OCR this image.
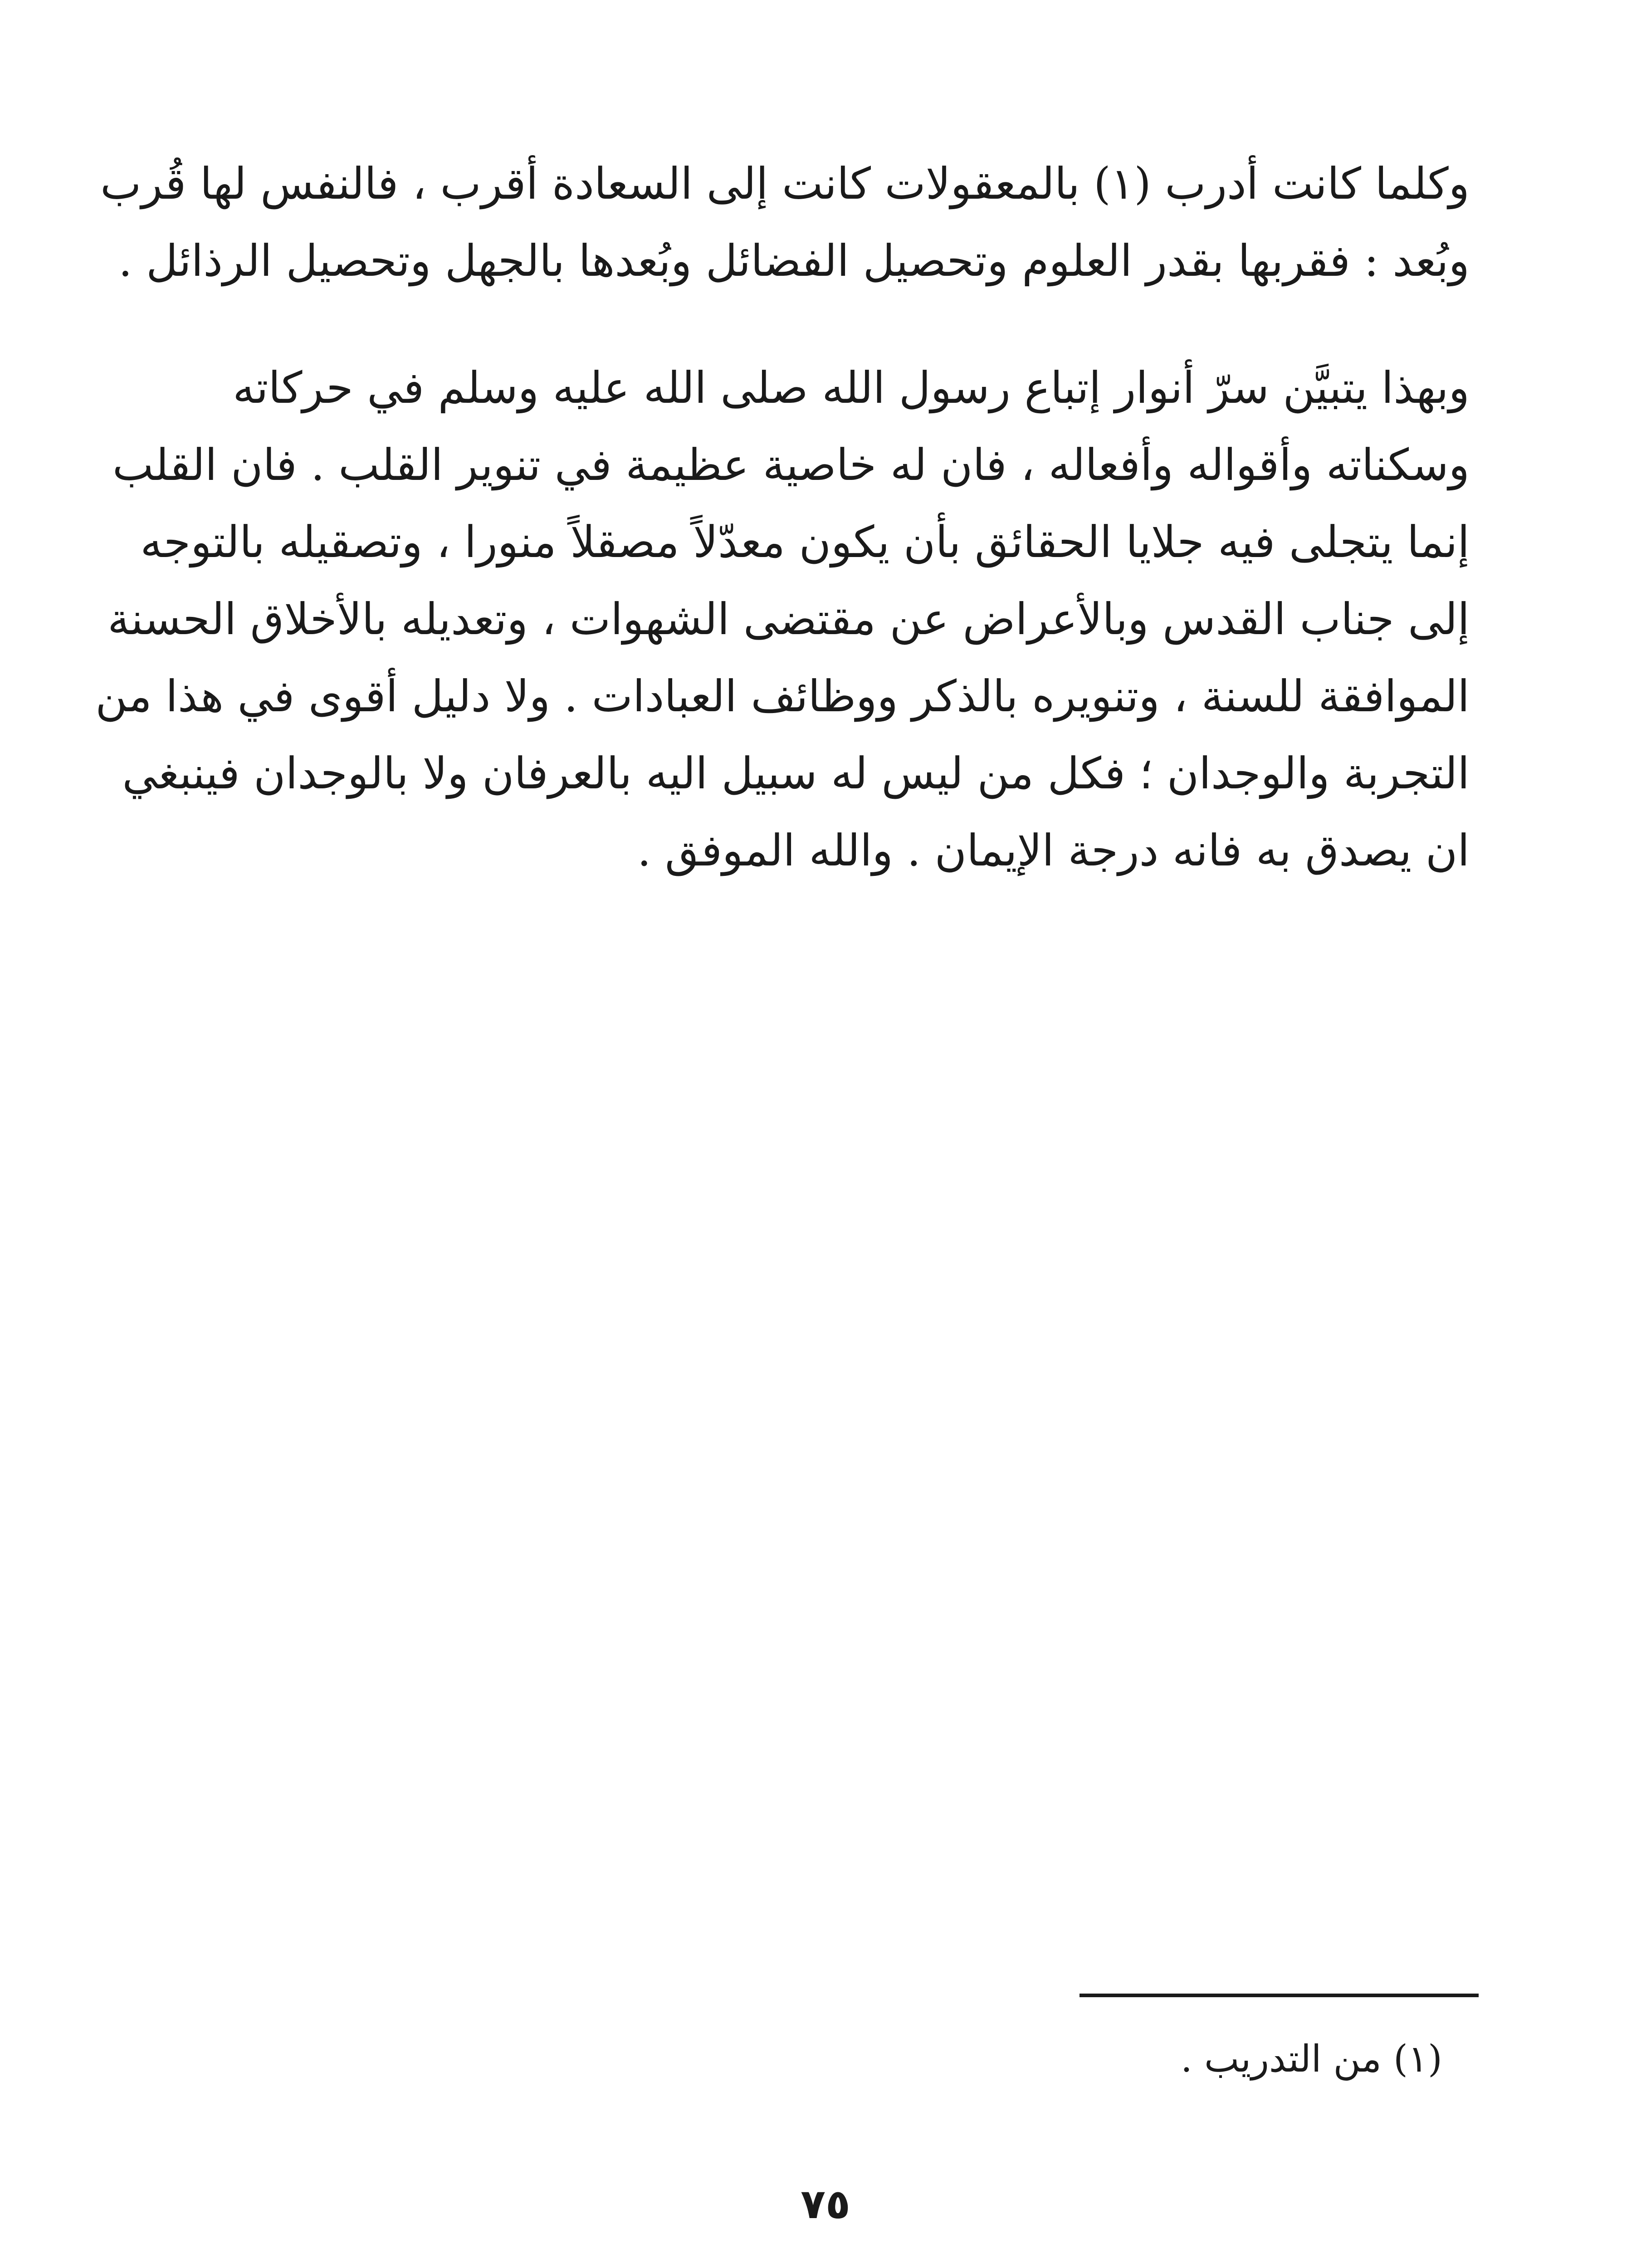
وكلما كانت أدرب (١) بالمعقولات كانت إلى السعادة أقرب ، فالنفس لها قُرب
وبُعد : فقربها بقدر العلوم وتحصيل الفضائل وبُعدها بالجهل وتحصيل الرذائل .
وبهذا يتبيَّن سرّ أنوار إتباع رسول الله صلى الله عليه وسلم في حركاته
وسكناته وأقواله وأفعاله ، فان له خاصية عظيمة في تنوير القلب . فان القلب
إنما يتجلى فيه جلايا الحقائق بأن يكون معدّلاً مصقلاً منورا ، وتصقيله بالتوجه
إلى جناب القدس وبالأعراض عن مقتضى الشهوات ، وتعديله بالأخلاق الحسنة
الموافقة للسنة ، وتنويره بالذكر ووظائف العبادات . ولا دليل أقوى في هذا من
التجربة والوجدان ؛ فكل من ليس له سبيل اليه بالعرفان ولا بالوجدان فينبغي
ان يصدق به فانه درجة الإيمان . والله الموفق .
(١) من التدريب .
٧٥
